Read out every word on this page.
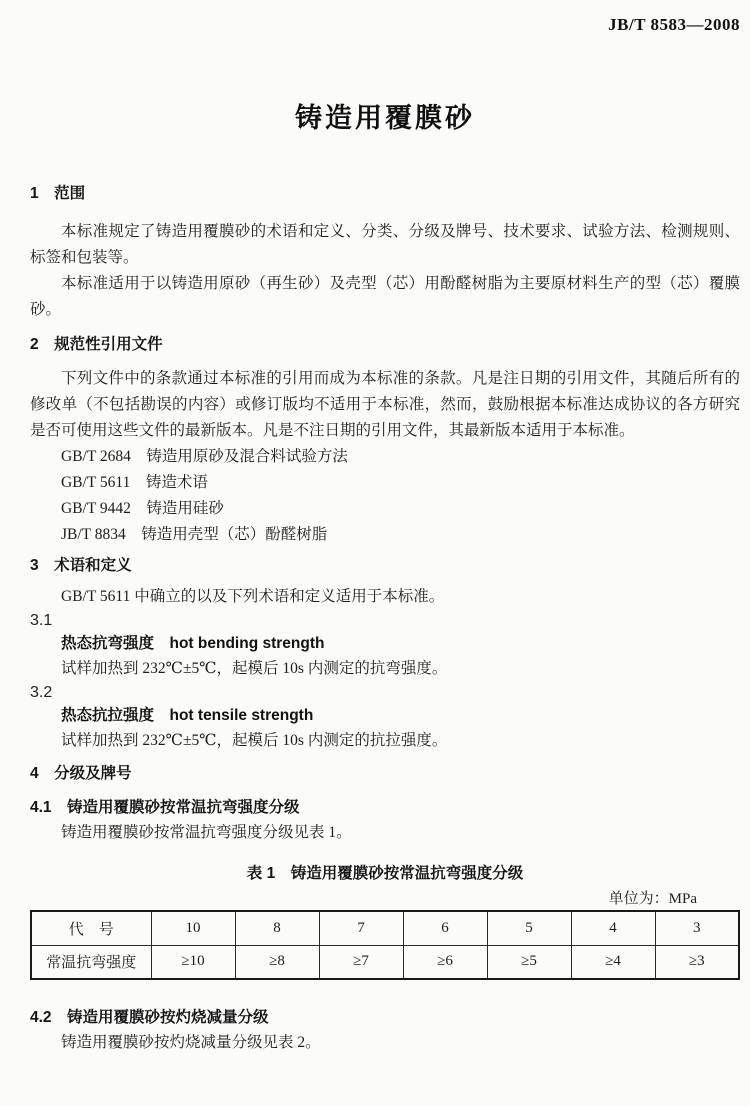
JB/T 8583—2008
铸造用覆膜砂
1　范围
本标准规定了铸造用覆膜砂的术语和定义、分类、分级及牌号、技术要求、试验方法、检测规则、标签和包装等。
本标准适用于以铸造用原砂（再生砂）及壳型（芯）用酚醛树脂为主要原材料生产的型（芯）覆膜砂。
2　规范性引用文件
下列文件中的条款通过本标准的引用而成为本标准的条款。凡是注日期的引用文件，其随后所有的修改单（不包括勘误的内容）或修订版均不适用于本标准，然而，鼓励根据本标准达成协议的各方研究是否可使用这些文件的最新版本。凡是不注日期的引用文件，其最新版本适用于本标准。
GB/T 2684　铸造用原砂及混合料试验方法
GB/T 5611　铸造术语
GB/T 9442　铸造用硅砂
JB/T 8834　铸造用壳型（芯）酚醛树脂
3　术语和定义
GB/T 5611 中确立的以及下列术语和定义适用于本标准。
3.1
热态抗弯强度　hot bending strength
试样加热到 232℃±5℃，起模后 10s 内测定的抗弯强度。
3.2
热态抗拉强度　hot tensile strength
试样加热到 232℃±5℃，起模后 10s 内测定的抗拉强度。
4　分级及牌号
4.1　铸造用覆膜砂按常温抗弯强度分级
铸造用覆膜砂按常温抗弯强度分级见表 1。
表 1　铸造用覆膜砂按常温抗弯强度分级
单位为：MPa
代　号	10	8	7	6	5	4	3
常温抗弯强度	≥10	≥8	≥7	≥6	≥5	≥4	≥3
4.2　铸造用覆膜砂按灼烧减量分级
铸造用覆膜砂按灼烧减量分级见表 2。
